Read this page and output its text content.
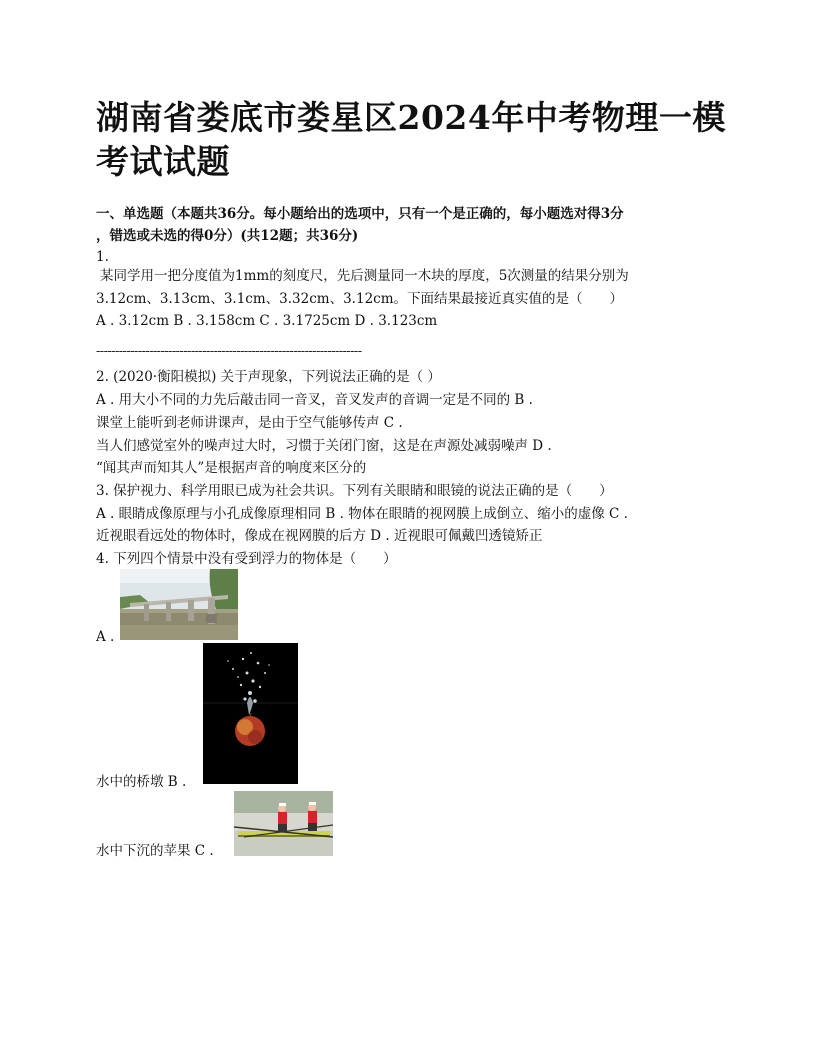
湖南省娄底市娄星区2024年中考物理一模考试试题
一、单选题（本题共36分。每小题给出的选项中，只有一个是正确的，每小题选对得3分
，错选或未选的得0分）(共12题；共36分)
1.
某同学用一把分度值为1mm的刻度尺，先后测量同一木块的厚度，5次测量的结果分别为
3.12cm、3.13cm、3.1cm、3.32cm、3.12cm。下面结果最接近真实值的是（　　）
A . 3.12cm B . 3.158cm C . 3.1725cm D . 3.123cm
----------------------------------------------------------------------
2. (2020·衡阳模拟) 关于声现象，下列说法正确的是（ ）
A . 用大小不同的力先后敲击同一音叉，音叉发声的音调一定是不同的 B .
课堂上能听到老师讲课声，是由于空气能够传声 C .
当人们感觉室外的噪声过大时，习惯于关闭门窗，这是在声源处减弱噪声 D .
“闻其声而知其人”是根据声音的响度来区分的
3. 保护视力、科学用眼已成为社会共识。下列有关眼睛和眼镜的说法正确的是（　　）
A . 眼睛成像原理与小孔成像原理相同 B . 物体在眼睛的视网膜上成倒立、缩小的虚像 C .
近视眼看远处的物体时，像成在视网膜的后方 D . 近视眼可佩戴凹透镜矫正
4. 下列四个情景中没有受到浮力的物体是（　　）
A .
水中的桥墩 B .
水中下沉的苹果 C .
